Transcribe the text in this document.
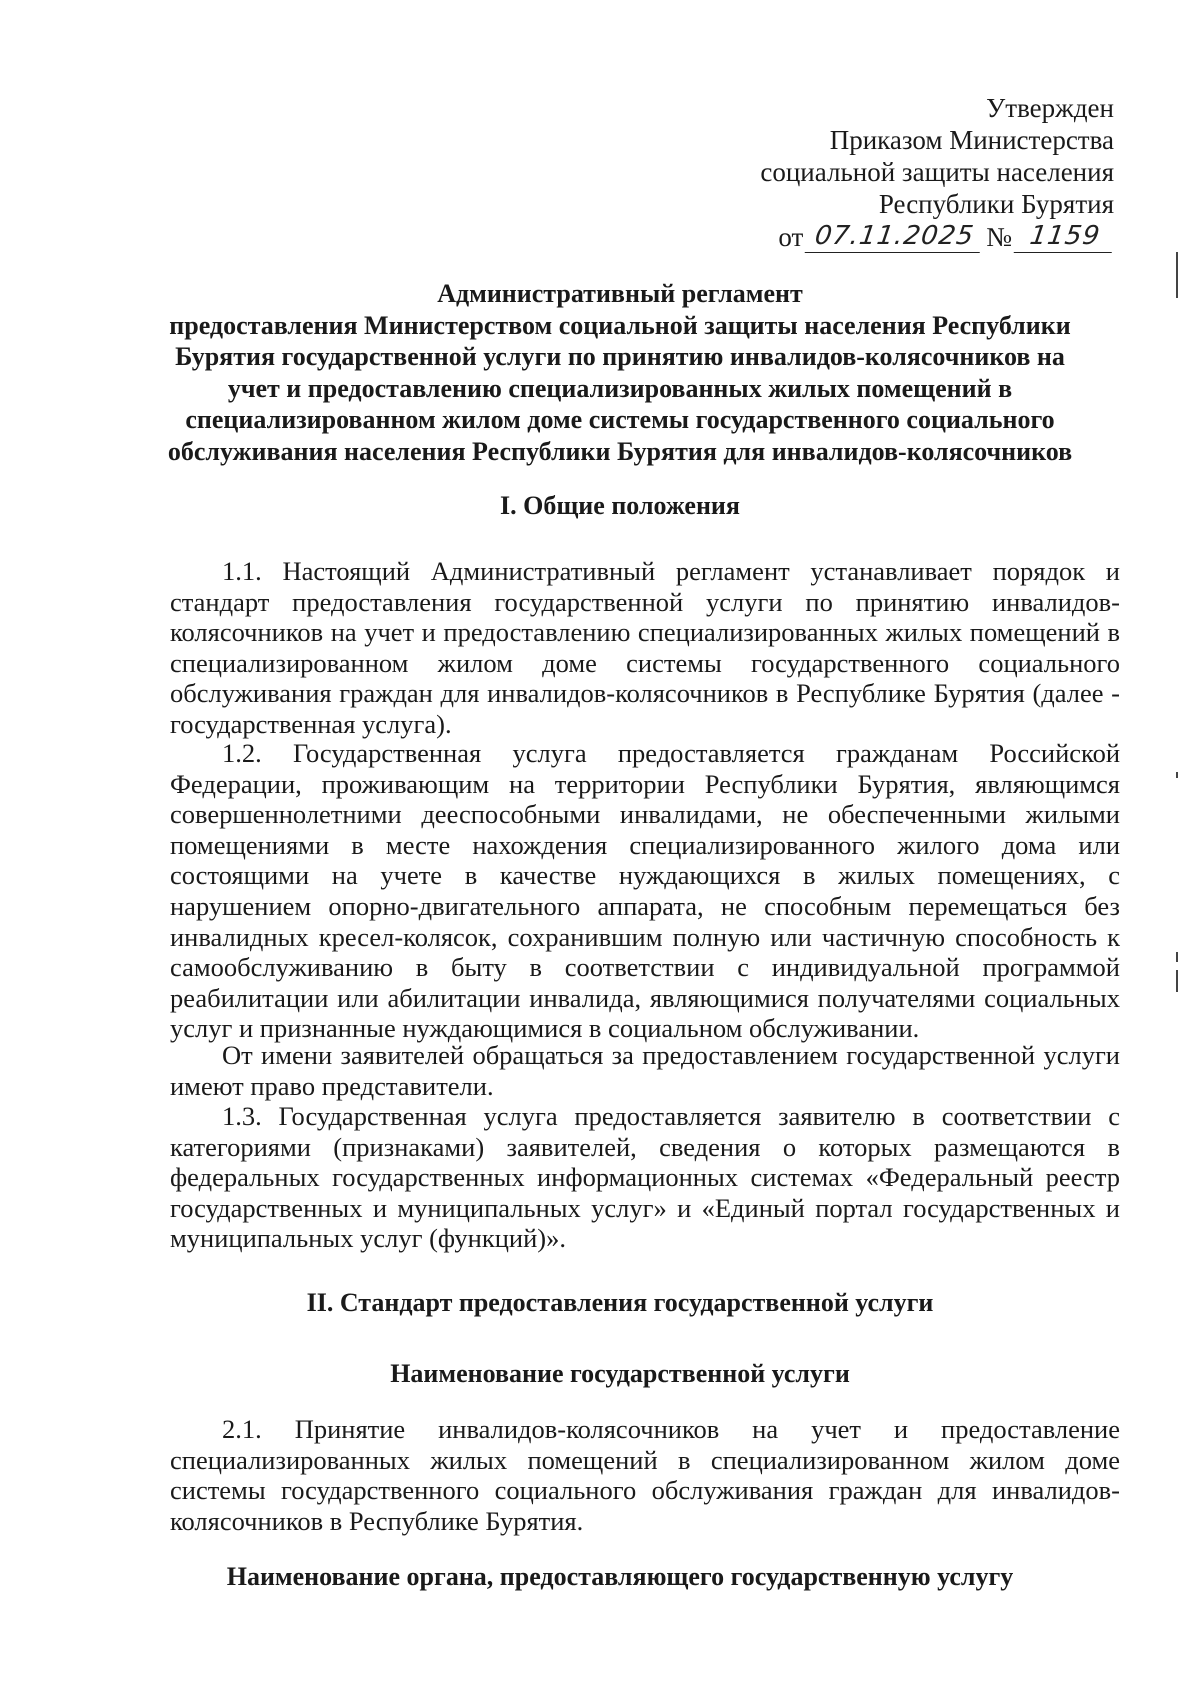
Утвержден
Приказом Министерства
социальной защиты населения
Республики Бурятия
от 07.11.2025 № 1159
Административный регламент
предоставления Министерством социальной защиты населения Республики
Бурятия государственной услуги по принятию инвалидов-колясочников на
учет и предоставлению специализированных жилых помещений в
специализированном жилом доме системы государственного социального
обслуживания населения Республики Бурятия для инвалидов-колясочников
I. Общие положения

1.1. Настоящий Административный регламент устанавливает порядок и стандарт предоставления государственной услуги по принятию инвалидов-колясочников на учет и предоставлению специализированных жилых помещений в специализированном жилом доме системы государственного социального обслуживания граждан для инвалидов-колясочников в Республике Бурятия (далее - государственная услуга).

1.2. Государственная услуга предоставляется гражданам Российской Федерации, проживающим на территории Республики Бурятия, являющимся совершеннолетними дееспособными инвалидами, не обеспеченными жилыми помещениями в месте нахождения специализированного жилого дома или состоящими на учете в качестве нуждающихся в жилых помещениях, с нарушением опорно-двигательного аппарата, не способным перемещаться без инвалидных кресел-колясок, сохранившим полную или частичную способность к самообслуживанию в быту в соответствии с индивидуальной программой реабилитации или абилитации инвалида, являющимися получателями социальных услуг и признанные нуждающимися в социальном обслуживании.

От имени заявителей обращаться за предоставлением государственной услуги имеют право представители.

1.3. Государственная услуга предоставляется заявителю в соответствии с категориями (признаками) заявителей, сведения о которых размещаются в федеральных государственных информационных системах «Федеральный реестр государственных и муниципальных услуг» и «Единый портал государственных и муниципальных услуг (функций)».

II. Стандарт предоставления государственной услуги
Наименование государственной услуги

2.1. Принятие инвалидов-колясочников на учет и предоставление специализированных жилых помещений в специализированном жилом доме системы государственного социального обслуживания граждан для инвалидов-колясочников в Республике Бурятия.

Наименование органа, предоставляющего государственную услугу
